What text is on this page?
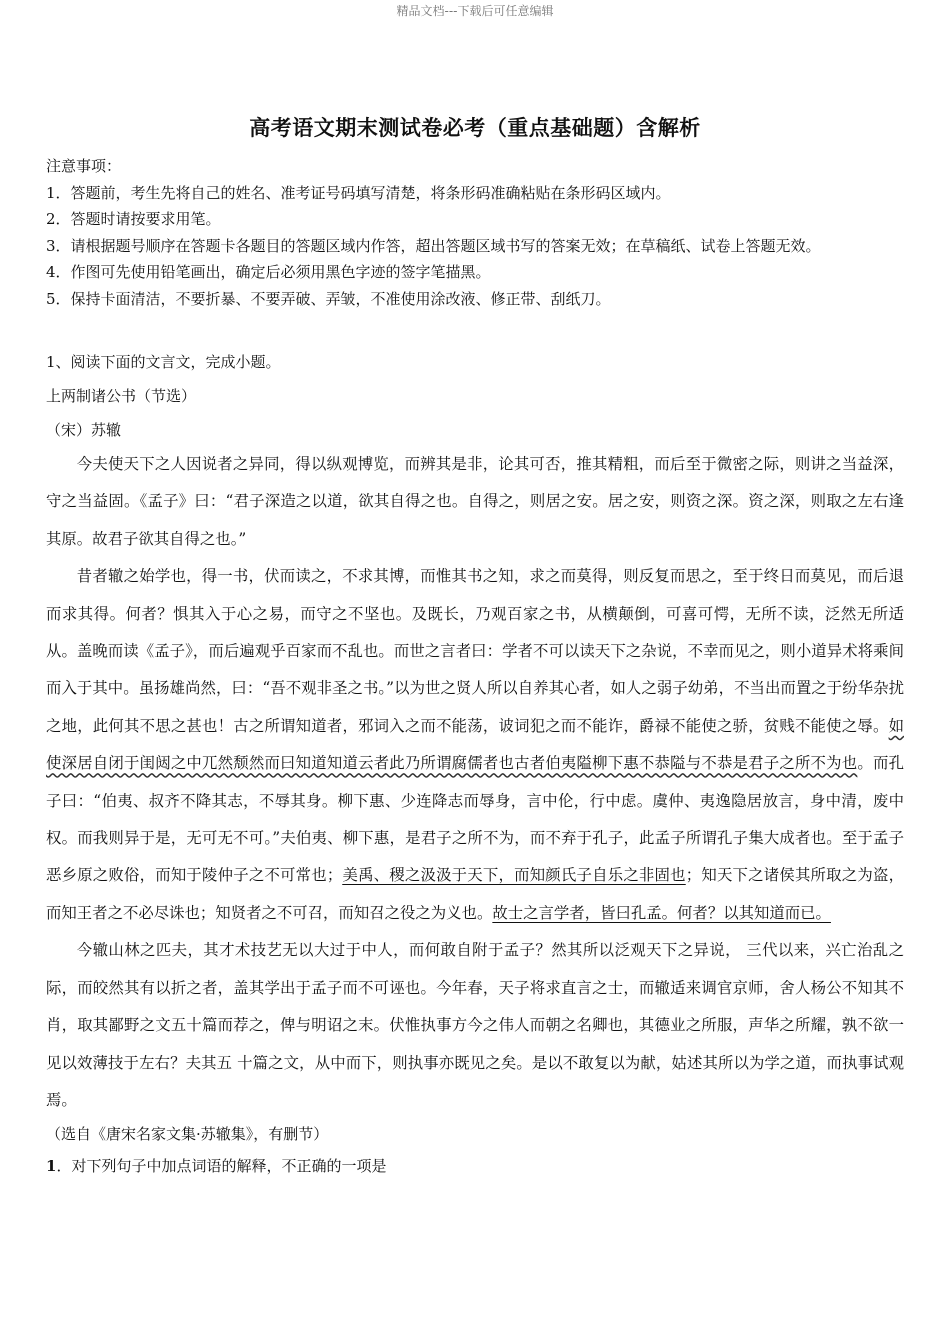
精品文档---下载后可任意编辑
高考语文期末测试卷必考（重点基础题）含解析
注意事项：
1．答题前，考生先将自己的姓名、准考证号码填写清楚，将条形码准确粘贴在条形码区域内。
2．答题时请按要求用笔。
3．请根据题号顺序在答题卡各题目的答题区域内作答，超出答题区域书写的答案无效；在草稿纸、试卷上答题无效。
4．作图可先使用铅笔画出，确定后必须用黑色字迹的签字笔描黑。
5．保持卡面清洁，不要折暴、不要弄破、弄皱，不准使用涂改液、修正带、刮纸刀。
1、阅读下面的文言文，完成小题。
上两制诸公书（节选）
（宋）苏辙

今夫使天下之人因说者之异同，得以纵观博览，而辨其是非，论其可否，推其精粗，而后至于微密之际，则讲之当益深，守之当益固。《孟子》曰：“君子深造之以道，欲其自得之也。自得之，则居之安。居之安，则资之深。资之深，则取之左右逢其原。故君子欲其自得之也。”

昔者辙之始学也，得一书，伏而读之，不求其博，而惟其书之知，求之而莫得，则反复而思之，至于终日而莫见，而后退而求其得。何者？惧其入于心之易，而守之不坚也。及既长，乃观百家之书，从横颠倒，可喜可愕，无所不读，泛然无所适从。盖晚而读《孟子》，而后遍观乎百家而不乱也。而世之言者曰：学者不可以读天下之杂说，不幸而见之，则小道异术将乘间而入于其中。虽扬雄尚然，曰：“吾不观非圣之书。”以为世之贤人所以自养其心者，如人之弱子幼弟，不当出而置之于纷华杂扰之地，此何其不思之甚也！古之所谓知道者，邪词入之而不能荡，诐词犯之而不能诈，爵禄不能使之骄，贫贱不能使之辱。如使深居自闭于闺闼之中兀然颓然而曰知道知道云者此乃所谓腐儒者也古者伯夷隘柳下惠不恭隘与不恭是君子之所不为也。而孔子曰：“伯夷、叔齐不降其志，不辱其身。柳下惠、少连降志而辱身，言中伦，行中虑。虞仲、夷逸隐居放言，身中清，废中权。而我则异于是，无可无不可。”夫伯夷、柳下惠，是君子之所不为，而不弃于孔子，此孟子所谓孔子集大成者也。至于孟子恶乡原之败俗，而知于陵仲子之不可常也；美禹、稷之汲汲于天下，而知颜氏子自乐之非固也；知天下之诸侯其所取之为盗，而知王者之不必尽诛也；知贤者之不可召，而知召之役之为义也。故士之言学者，皆曰孔孟。何者？以其知道而已。

今辙山林之匹夫，其才术技艺无以大过于中人，而何敢自附于孟子？然其所以泛观天下之异说， 三代以来，兴亡治乱之际，而皎然其有以折之者，盖其学出于孟子而不可诬也。今年春，天子将求直言之士，而辙适来调官京师，舍人杨公不知其不肖，取其鄙野之文五十篇而荐之，俾与明诏之末。伏惟执事方今之伟人而朝之名卿也，其德业之所服，声华之所耀，孰不欲一见以效薄技于左右？夫其五 十篇之文，从中而下，则执事亦既见之矣。是以不敢复以为献，姑述其所以为学之道，而执事试观焉。

（选自《唐宋名家文集·苏辙集》，有删节）
1．对下列句子中加点词语的解释，不正确的一项是
